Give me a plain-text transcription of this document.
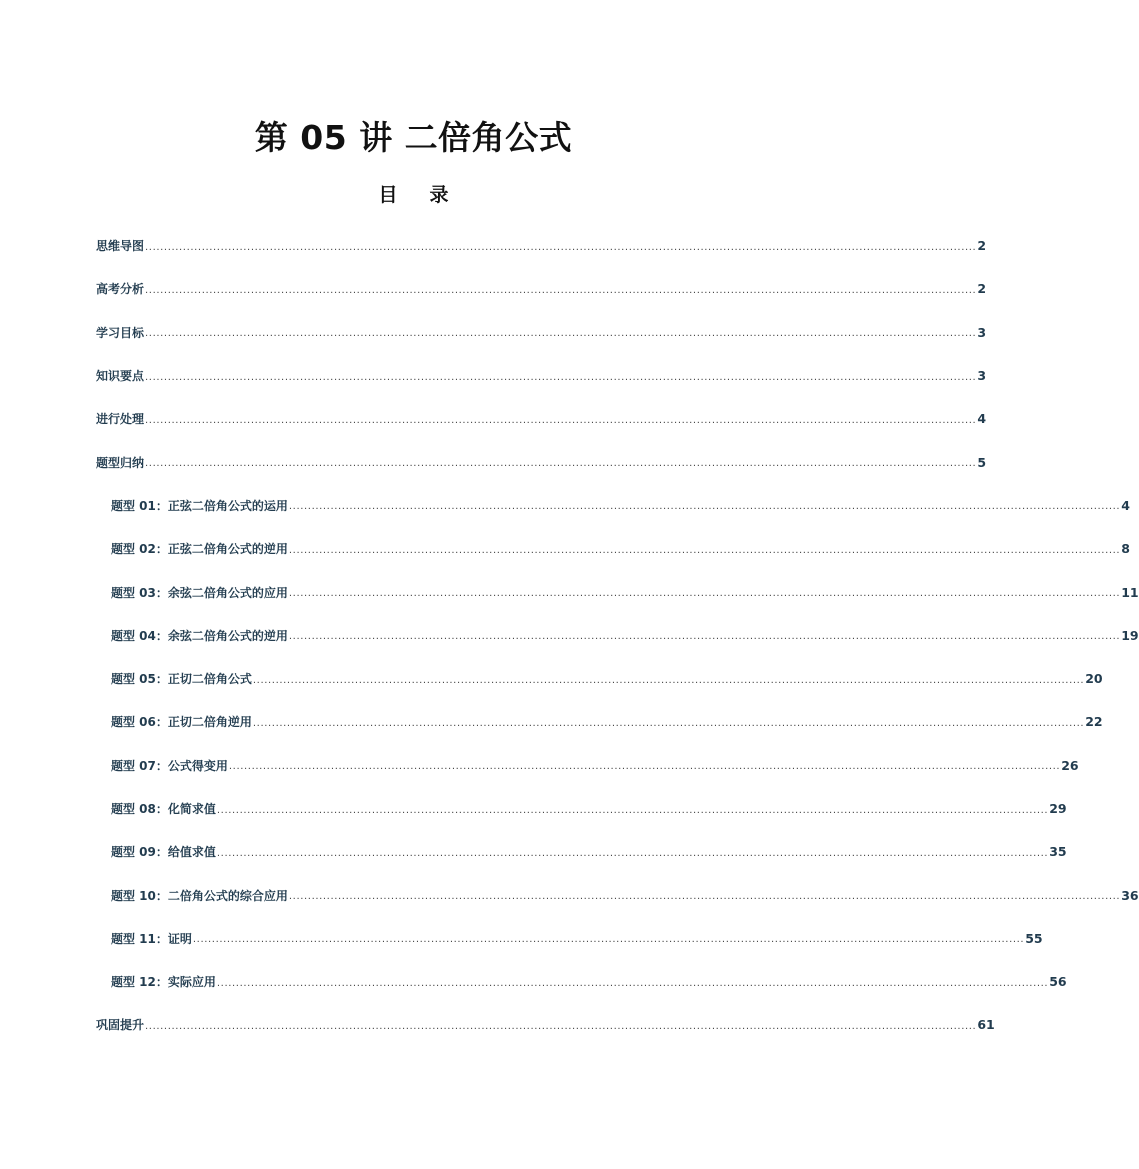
第 05 讲 二倍角公式
目 录
思维导图 ............................................................................................................................................................................................................................ 2
高考分析 ............................................................................................................................................................................................................................ 2
学习目标 ............................................................................................................................................................................................................................ 3
知识要点 ............................................................................................................................................................................................................................ 3
进行处理 ............................................................................................................................................................................................................................ 4
题型归纳 ............................................................................................................................................................................................................................ 5
题型 01：正弦二倍角公式的运用 ............................................................................................................................................................................................................................ 4
题型 02：正弦二倍角公式的逆用 ............................................................................................................................................................................................................................ 8
题型 03：余弦二倍角公式的应用 ............................................................................................................................................................................................................................ 11
题型 04：余弦二倍角公式的逆用 ............................................................................................................................................................................................................................ 19
题型 05：正切二倍角公式 ............................................................................................................................................................................................................................ 20
题型 06：正切二倍角逆用 ............................................................................................................................................................................................................................ 22
题型 07：公式得变用 ............................................................................................................................................................................................................................ 26
题型 08：化简求值 ............................................................................................................................................................................................................................ 29
题型 09：给值求值 ............................................................................................................................................................................................................................ 35
题型 10：二倍角公式的综合应用 ............................................................................................................................................................................................................................ 36
题型 11：证明 ............................................................................................................................................................................................................................ 55
题型 12：实际应用 ............................................................................................................................................................................................................................ 56
巩固提升 ............................................................................................................................................................................................................................ 61
